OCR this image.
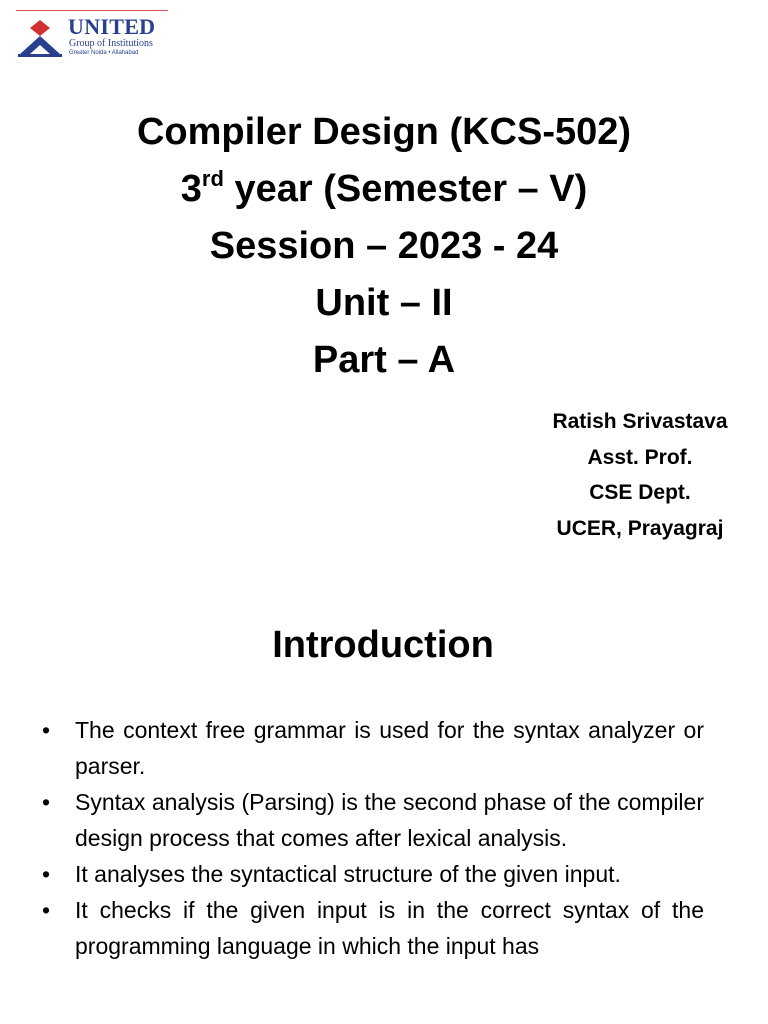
UNITED
Group of Institutions
Greater Noida • Allahabad
Compiler Design (KCS-502)
3rd year (Semester – V)
Session – 2023 - 24
Unit – II
Part – A
Ratish Srivastava
Asst. Prof.
CSE Dept.
UCER, Prayagraj
Introduction
• The context free grammar is used for the syntax analyzer or parser.
• Syntax analysis (Parsing) is the second phase of the compiler design process that comes after lexical analysis.
• It analyses the syntactical structure of the given input.
• It checks if the given input is in the correct syntax of the programming language in which the input has
